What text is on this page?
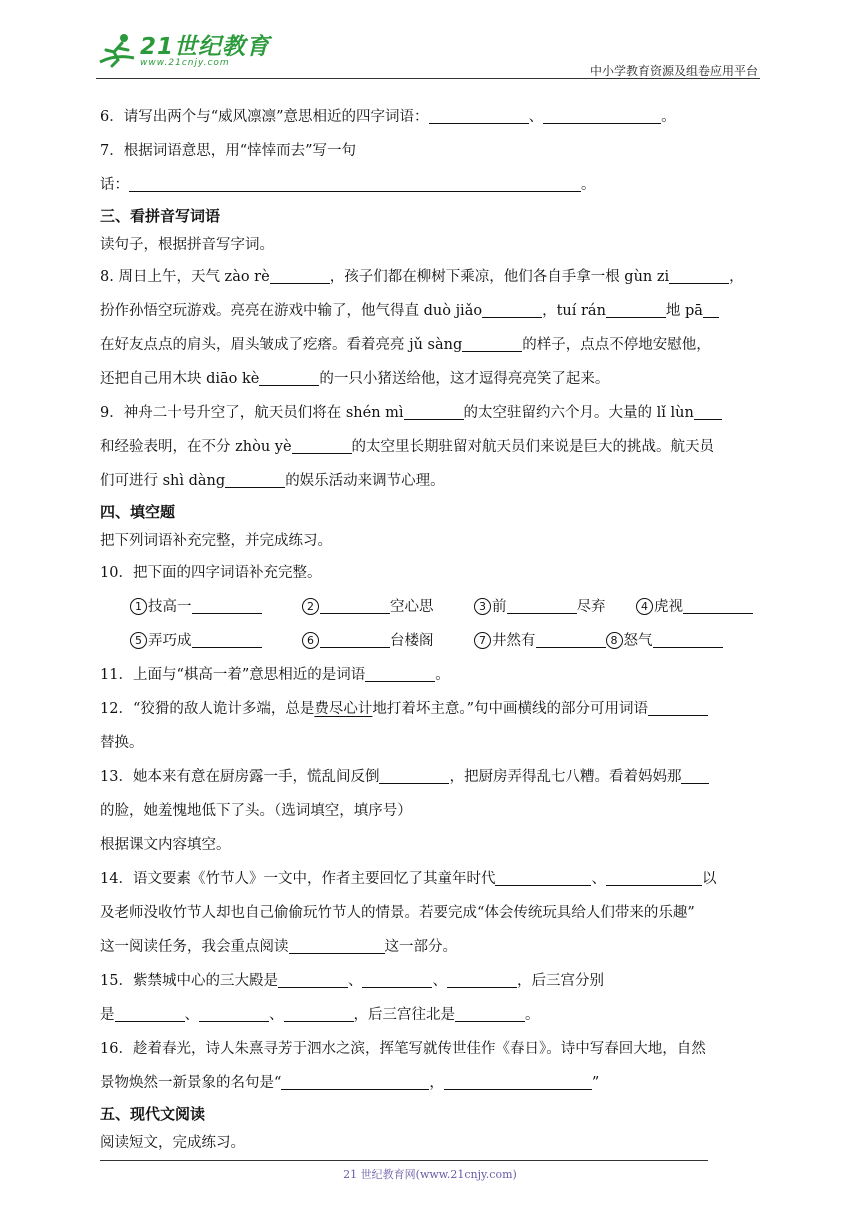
21世纪教育
www.21cnjy.com
中小学教育资源及组卷应用平台
6．请写出两个与“威风凛凛”意思相近的四字词语：	、	。
7．根据词语意思，用“悻悻而去”写一句
话：	。
三、看拼音写词语
读句子，根据拼音写字词。
8. 周日上午，天气 zào rè	，孩子们都在柳树下乘凉，他们各自手拿一根 gùn zi	，
扮作孙悟空玩游戏。亮亮在游戏中输了，他气得直 duò jiǎo	，tuí rán	地 pā
在好友点点的肩头，眉头皱成了疙瘩。看着亮亮 jǔ sàng	的样子，点点不停地安慰他，
还把自己用木块 diāo kè	的一只小猪送给他，这才逗得亮亮笑了起来。
9．神舟二十号升空了，航天员们将在 shén mì	的太空驻留约六个月。大量的 lǐ lùn
和经验表明，在不分 zhòu yè	的太空里长期驻留对航天员们来说是巨大的挑战。航天员
们可进行 shì dàng	的娱乐活动来调节心理。
四、填空题
把下列词语补充完整，并完成练习。
10．把下面的四字词语补充完整。
1 技高一	2	空心思	3 前	尽弃	4 虎视
5 弄巧成	6	台楼阁	7 井然有	8 怒气
11．上面与“棋高一着”意思相近的是词语	。
12．“狡猾的敌人诡计多端，总是费尽心计地打着坏主意。”句中画横线的部分可用词语
替换。
13．她本来有意在厨房露一手，慌乱间反倒	，把厨房弄得乱七八糟。看着妈妈那
的脸，她羞愧地低下了头。（选词填空，填序号）
根据课文内容填空。
14．语文要素《竹节人》一文中，作者主要回忆了其童年时代	、	以
及老师没收竹节人却也自己偷偷玩竹节人的情景。若要完成“体会传统玩具给人们带来的乐趣”
这一阅读任务，我会重点阅读	这一部分。
15．紫禁城中心的三大殿是	、	、	，后三宫分别
是	、	、	，后三宫往北是	。
16．趁着春光，诗人朱熹寻芳于泗水之滨，挥笔写就传世佳作《春日》。诗中写春回大地，自然
景物焕然一新景象的名句是“	，	”
五、现代文阅读
阅读短文，完成练习。
21 世纪教育网(www.21cnjy.com)
